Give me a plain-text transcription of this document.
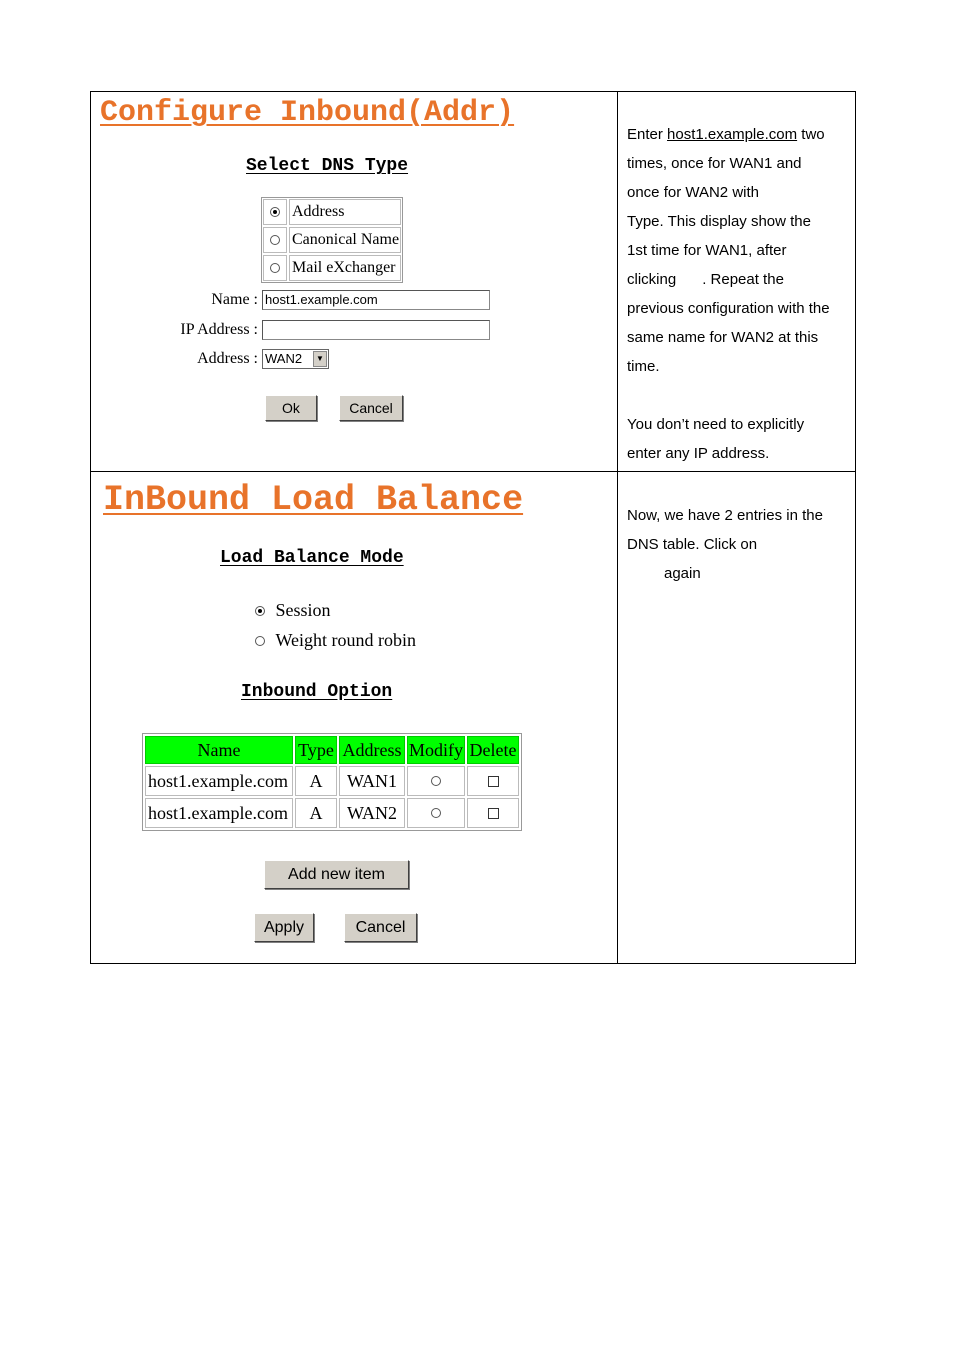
Configure Inbound(Addr)
Select DNS Type
Address
Canonical Name
Mail eXchanger
Name : host1.example.com
IP Address :
Address : WAN2	▼
Ok	Cancel
Enter host1.example.com two
times, once for WAN1 and
once for WAN2 with
Type. This display show the
1st time for WAN1, after
clicking . Repeat the
previous configuration with the
same name for WAN2 at this
time.
You don’t need to explicitly
enter any IP address.
InBound Load Balance
Load Balance Mode
Session
Weight round robin
Inbound Option
Name	Type Address Modify Delete
host1.example.com	A	WAN1
host1.example.com	A	WAN2
Add new item
Apply	Cancel
Now, we have 2 entries in the
DNS table. Click on
again
